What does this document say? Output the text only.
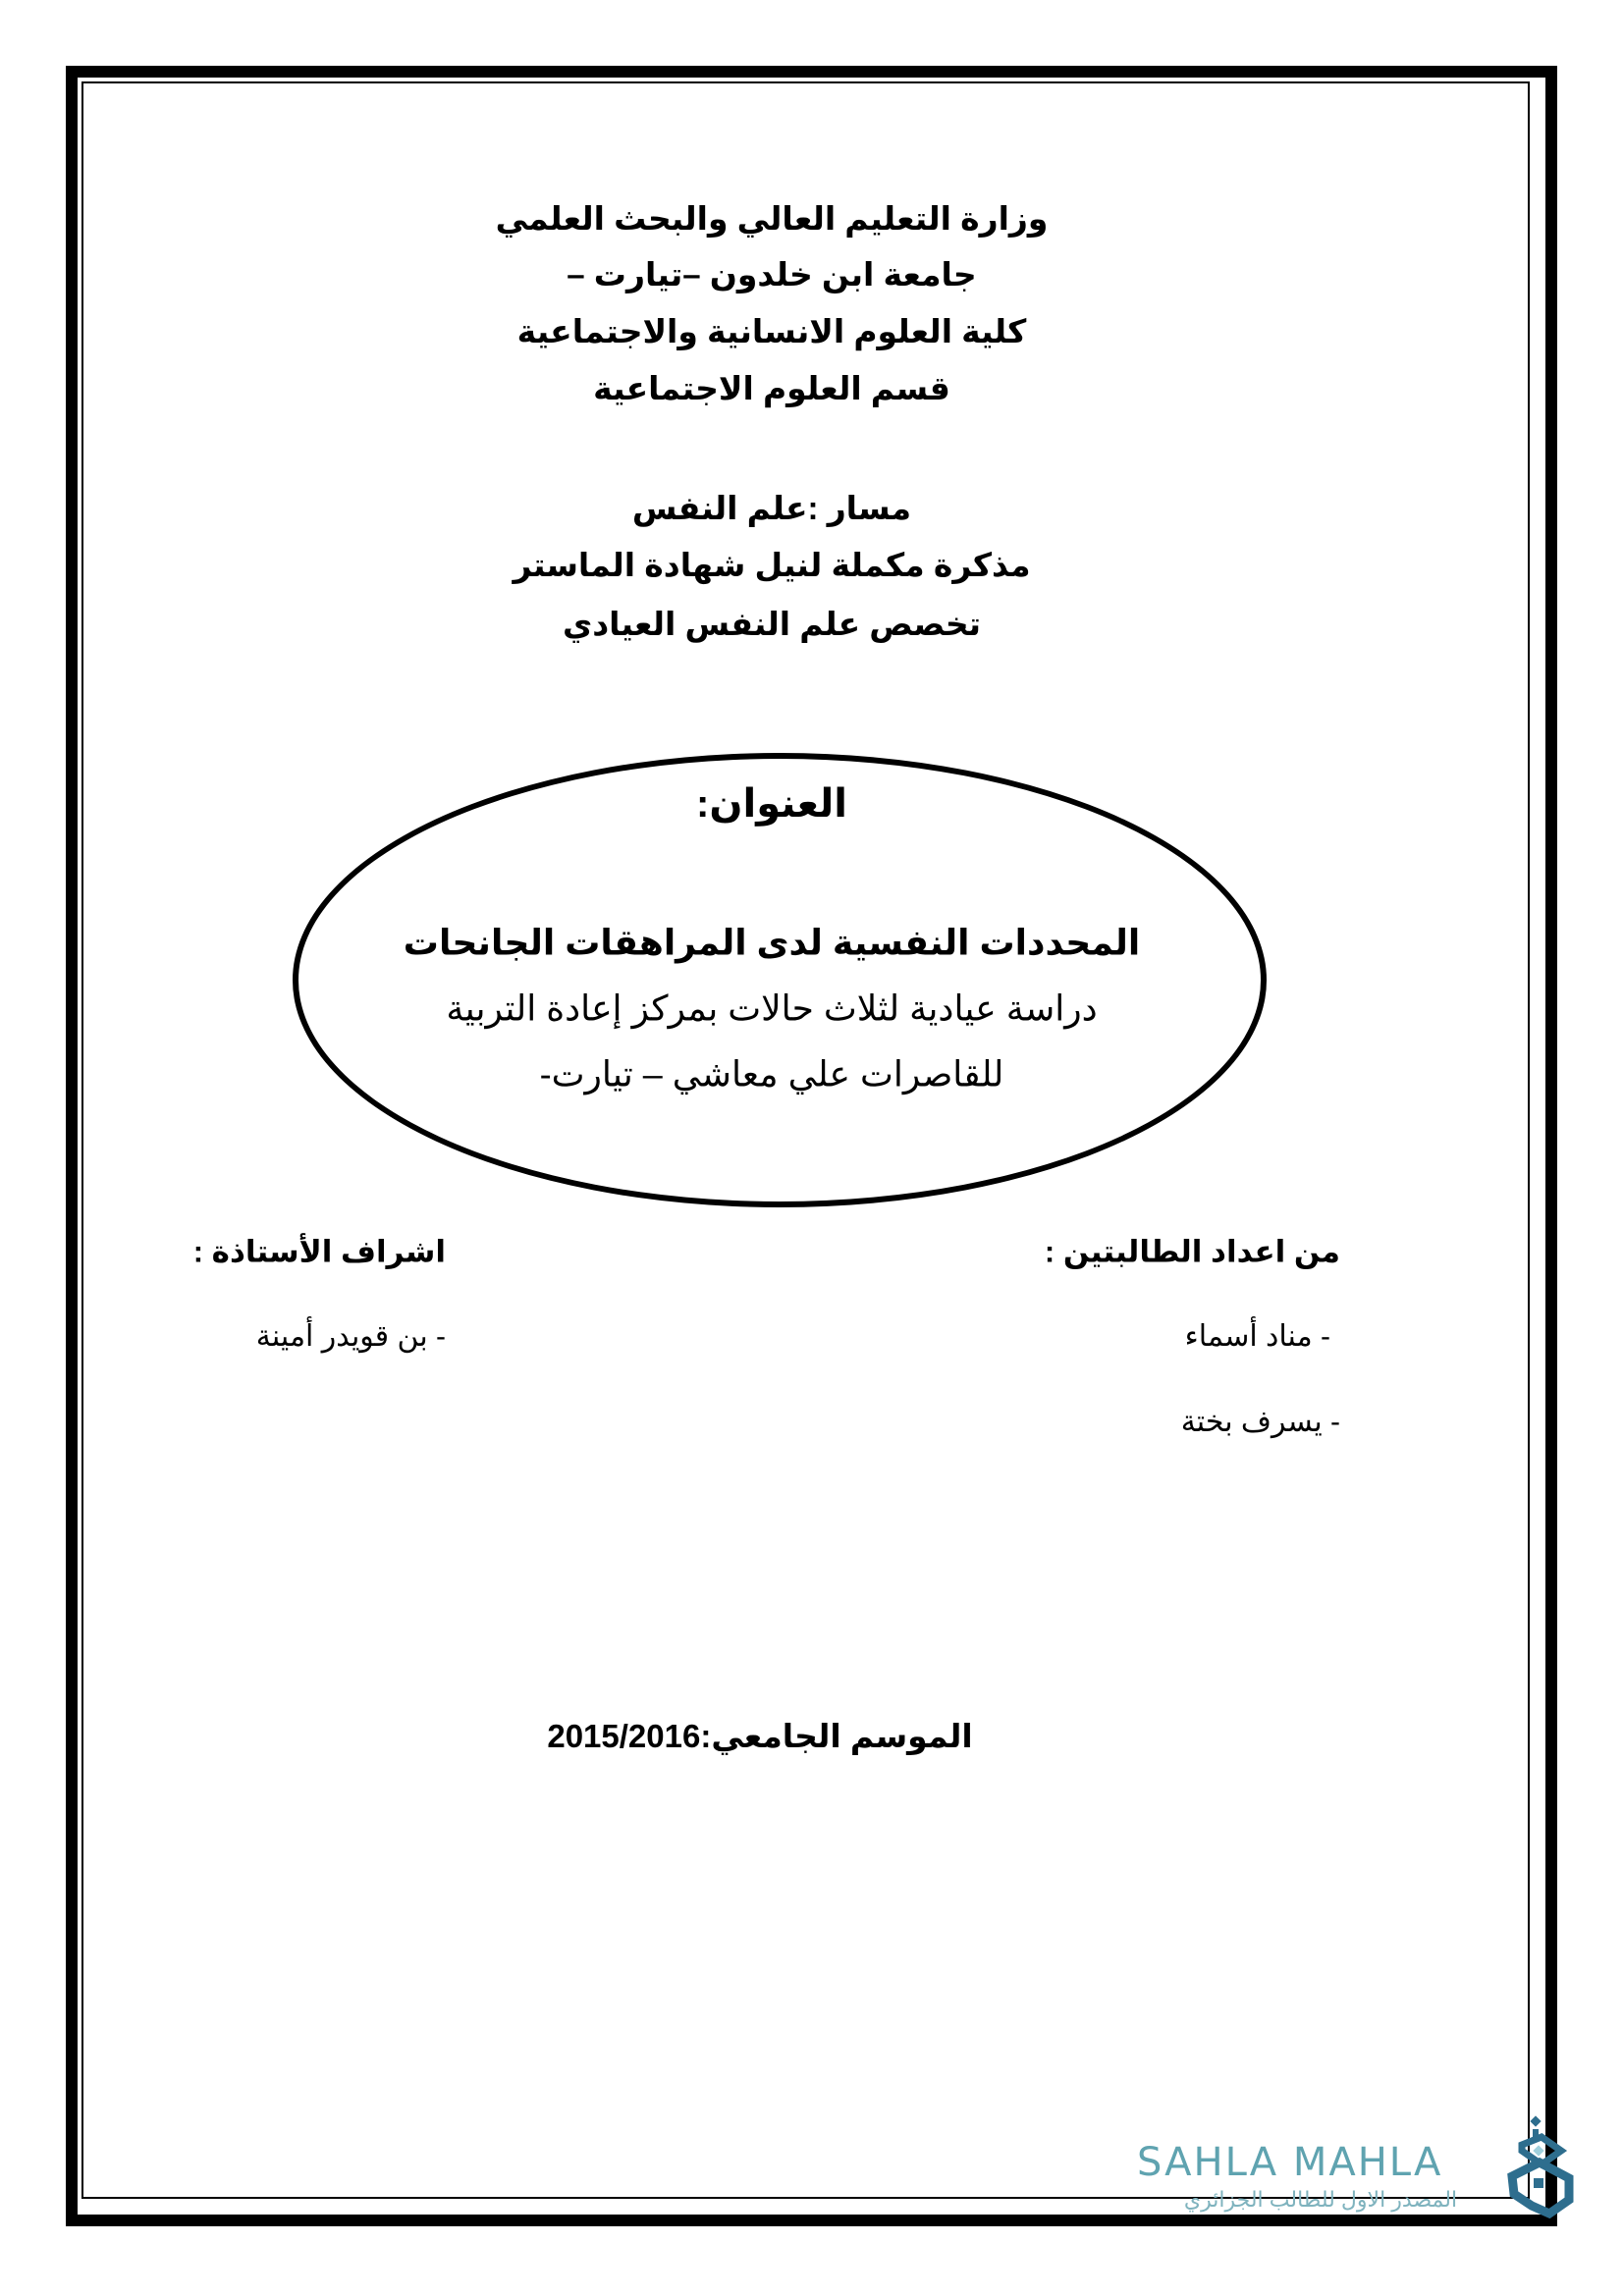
وزارة التعليم العالي والبحث العلمي
جامعة ابن خلدون –تيارت –
كلية العلوم الانسانية والاجتماعية
قسم العلوم الاجتماعية
مسار :علم النفس
مذكرة مكملة لنيل شهادة الماستر
تخصص علم النفس العيادي
العنوان:
المحددات النفسية لدى المراهقات الجانحات
دراسة عيادية لثلاث حالات بمركز إعادة التربية
للقاصرات علي معاشي – تيارت-
من اعداد الطالبتين :
- مناد أسماء
- يسرف بختة
اشراف الأستاذة :
- بن قويدر أمينة
الموسم الجامعي:2015/2016
SAHLA MAHLA
المصدر الاول للطالب الجزائري
